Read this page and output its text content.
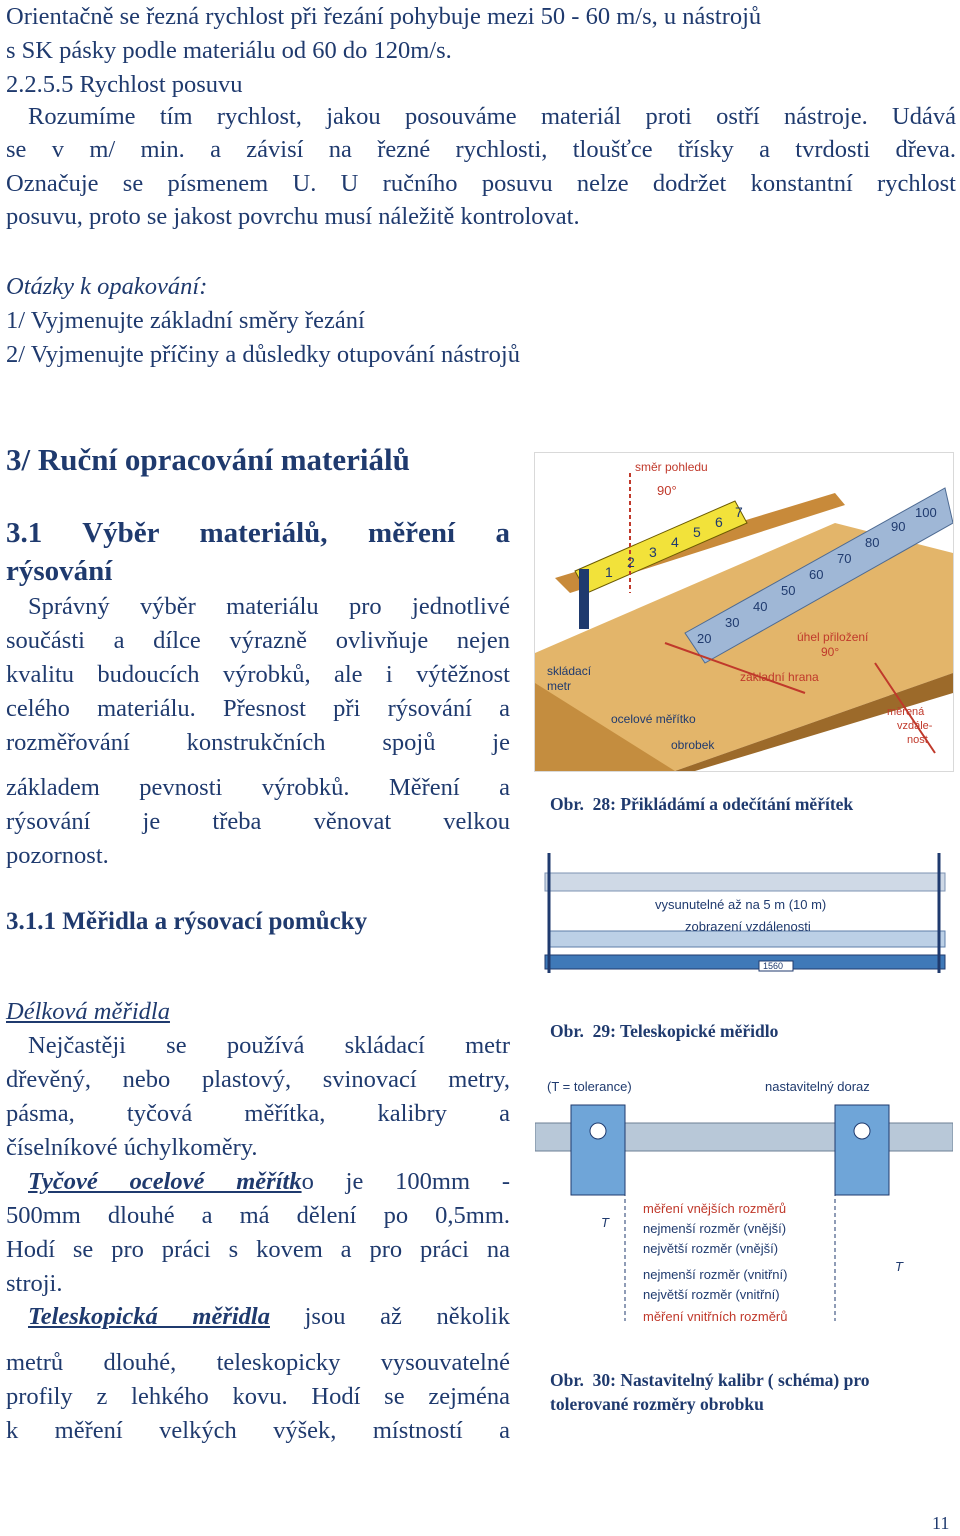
Orientačně se řezná rychlost při řezání pohybuje mezi 50 - 60 m/s, u nástrojů

s SK pásky podle materiálu od 60 do 120m/s.

2.2.5.5 Rychlost posuvu

Rozumíme tím rychlost, jakou posouváme materiál proti ostří nástroje. Udává

se v m/ min. a závisí na řezné rychlosti, tloušťce třísky a tvrdosti dřeva.

Označuje se písmenem U. U ručního posuvu nelze dodržet konstantní rychlost

posuvu, proto se jakost povrchu musí náležitě kontrolovat.

Otázky k opakování:

1/ Vyjmenujte základní směry řezání

2/ Vyjmenujte příčiny a důsledky otupování nástrojů

3/ Ruční opracování materiálů

3.1 Výběr materiálů, měření a

rýsování

Správný výběr materiálu pro jednotlivé

součásti a dílce výrazně ovlivňuje nejen

kvalitu budoucích výrobků, ale i výtěžnost

celého materiálu. Přesnost při rýsování a

rozměřování konstrukčních spojů je

základem pevnosti výrobků. Měření a

rýsování je třeba věnovat velkou

pozornost.

3.1.1 Měřidla a rýsovací pomůcky

Délková měřidla

Nejčastěji se používá skládací metr

dřevěný, nebo plastový, svinovací metry,

pásma, tyčová měřítka, kalibry a

číselníkové úchylkoměry.

Tyčové ocelové měřítko je 100mm -

500mm dlouhé a má dělení po 0,5mm.

Hodí se pro práci s kovem a pro práci na

stroji.

Teleskopická měřidla jsou až několik

metrů dlouhé, teleskopicky vysouvatelné

profily z lehkého kovu. Hodí se zejména

k měření velkých výšek, místností a

1
2
3
4
5
6
7
20
30
40
50
60
70
80
90
100
směr pohledu
90°
skládací
metr
ocelové měřítko
obrobek
základní hrana
úhel přiložení
90°
měřená
vzdále-
nost
Obr. 28: Přikládámí a odečítání měřítek
1560
vysunutelné až na 5 m (10 m)
zobrazení vzdálenosti
Obr. 29: Teleskopické měřidlo
(T = tolerance)	nastavitelný doraz
měření vnějších rozměrů
nejmenší rozměr (vnější)
největší rozměr (vnější)
nejmenší rozměr (vnitřní)
největší rozměr (vnitřní)
měření vnitřních rozměrů
T
T
Obr. 30: Nastavitelný kalibr ( schéma) pro
tolerované rozměry obrobku
11
